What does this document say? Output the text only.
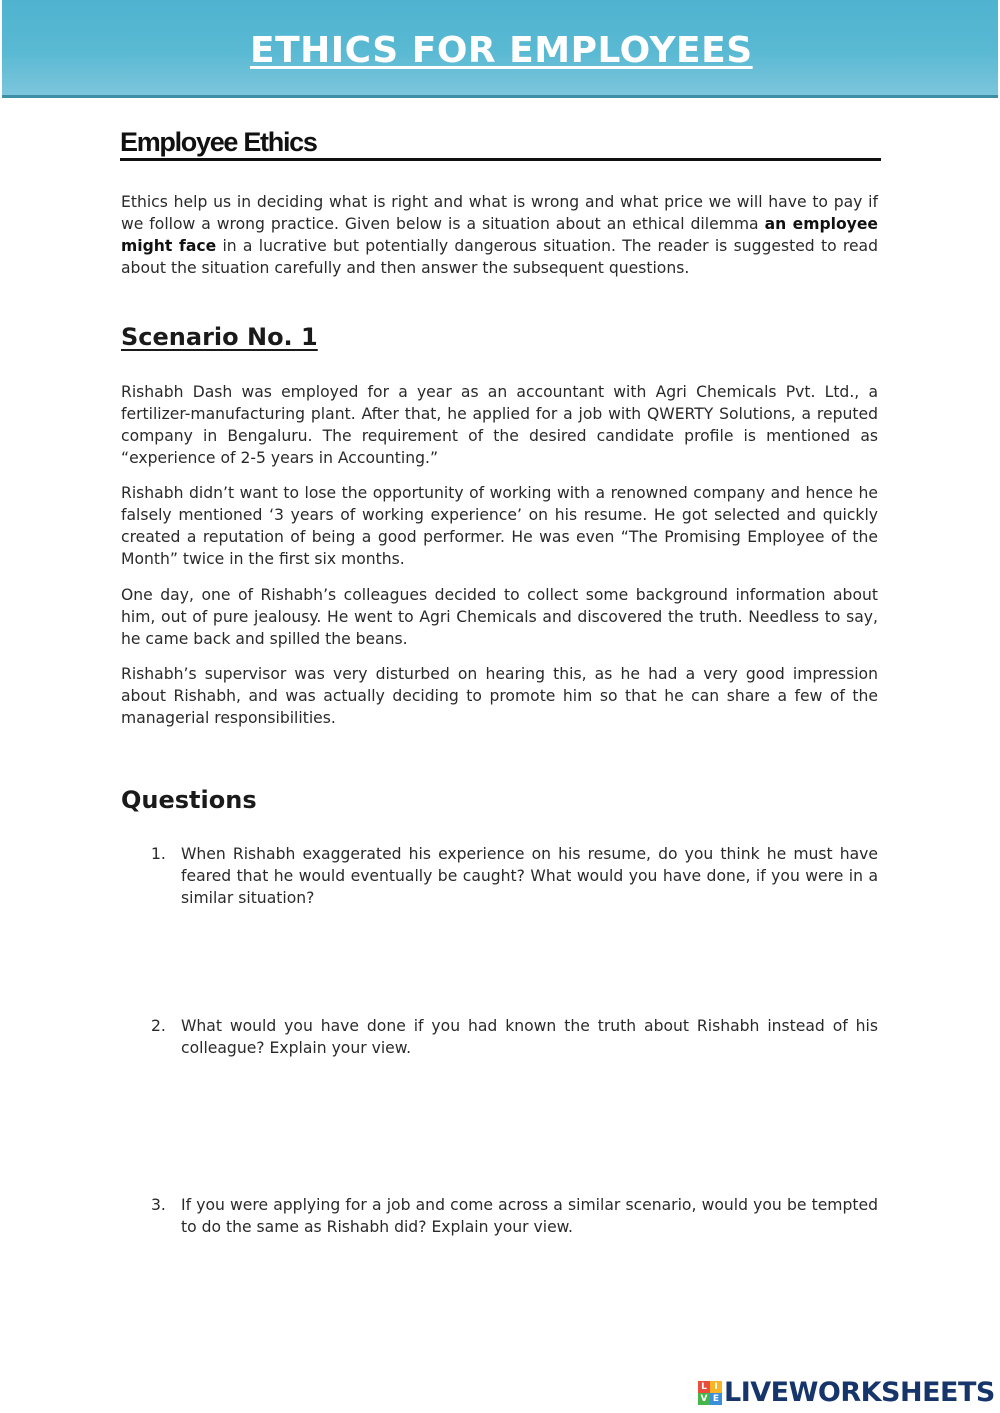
ETHICS FOR EMPLOYEES
Employee Ethics

Ethics help us in deciding what is right and what is wrong and what price we will have to pay if we follow a wrong practice. Given below is a situation about an ethical dilemma an employee might face in a lucrative but potentially dangerous situation. The reader is suggested to read about the situation carefully and then answer the subsequent questions.

Scenario No. 1

Rishabh Dash was employed for a year as an accountant with Agri Chemicals Pvt. Ltd., a fertilizer-manufacturing plant. After that, he applied for a job with QWERTY Solutions, a reputed company in Bengaluru. The requirement of the desired candidate profile is mentioned as “experience of 2-5 years in Accounting.”

Rishabh didn’t want to lose the opportunity of working with a renowned company and hence he falsely mentioned ‘3 years of working experience’ on his resume. He got selected and quickly created a reputation of being a good performer. He was even “The Promising Employee of the Month” twice in the first six months.

One day, one of Rishabh’s colleagues decided to collect some background information about him, out of pure jealousy. He went to Agri Chemicals and discovered the truth. Needless to say, he came back and spilled the beans.

Rishabh’s supervisor was very disturbed on hearing this, as he had a very good impression about Rishabh, and was actually deciding to promote him so that he can share a few of the managerial responsibilities.

Questions
1. When Rishabh exaggerated his experience on his resume, do you think he must have feared that he would eventually be caught? What would you have done, if you were in a similar situation?
2. What would you have done if you had known the truth about Rishabh instead of his colleague? Explain your view.
3. If you were applying for a job and come across a similar scenario, would you be tempted to do the same as Rishabh did? Explain your view.
L I
V E LIVEWORKSHEETS
